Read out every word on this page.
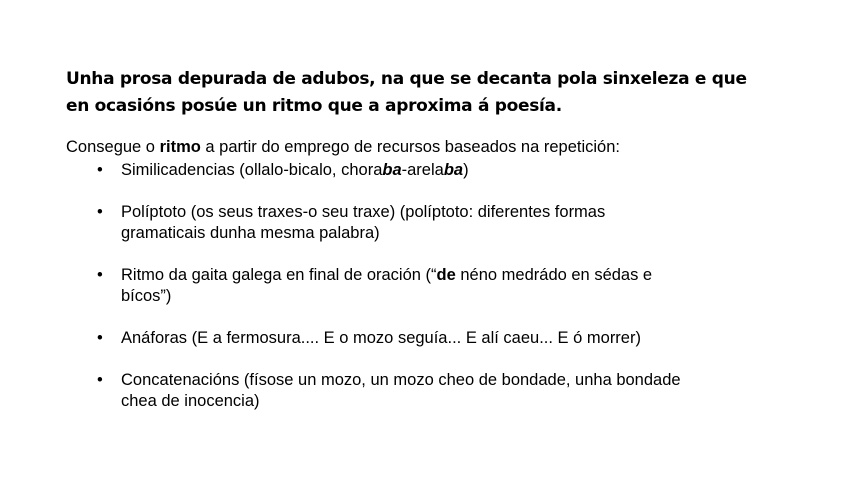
Unha prosa depurada de adubos, na que se decanta pola sinxeleza e que
en ocasións posúe un ritmo que a aproxima á poesía.

Consegue o ritmo a partir do emprego de recursos baseados na repetición:

• Similicadencias (ollalo-bicalo, choraba-arelaba)
• Políptoto (os seus traxes-o seu traxe) (políptoto: diferentes formas
gramaticais dunha mesma palabra)
• Ritmo da gaita galega en final de oración (“de néno medrádo en sédas e
bícos”)
• Anáforas (E a fermosura.... E o mozo seguía... E alí caeu... E ó morrer)
• Concatenacións (físose un mozo, un mozo cheo de bondade, unha bondade
chea de inocencia)
